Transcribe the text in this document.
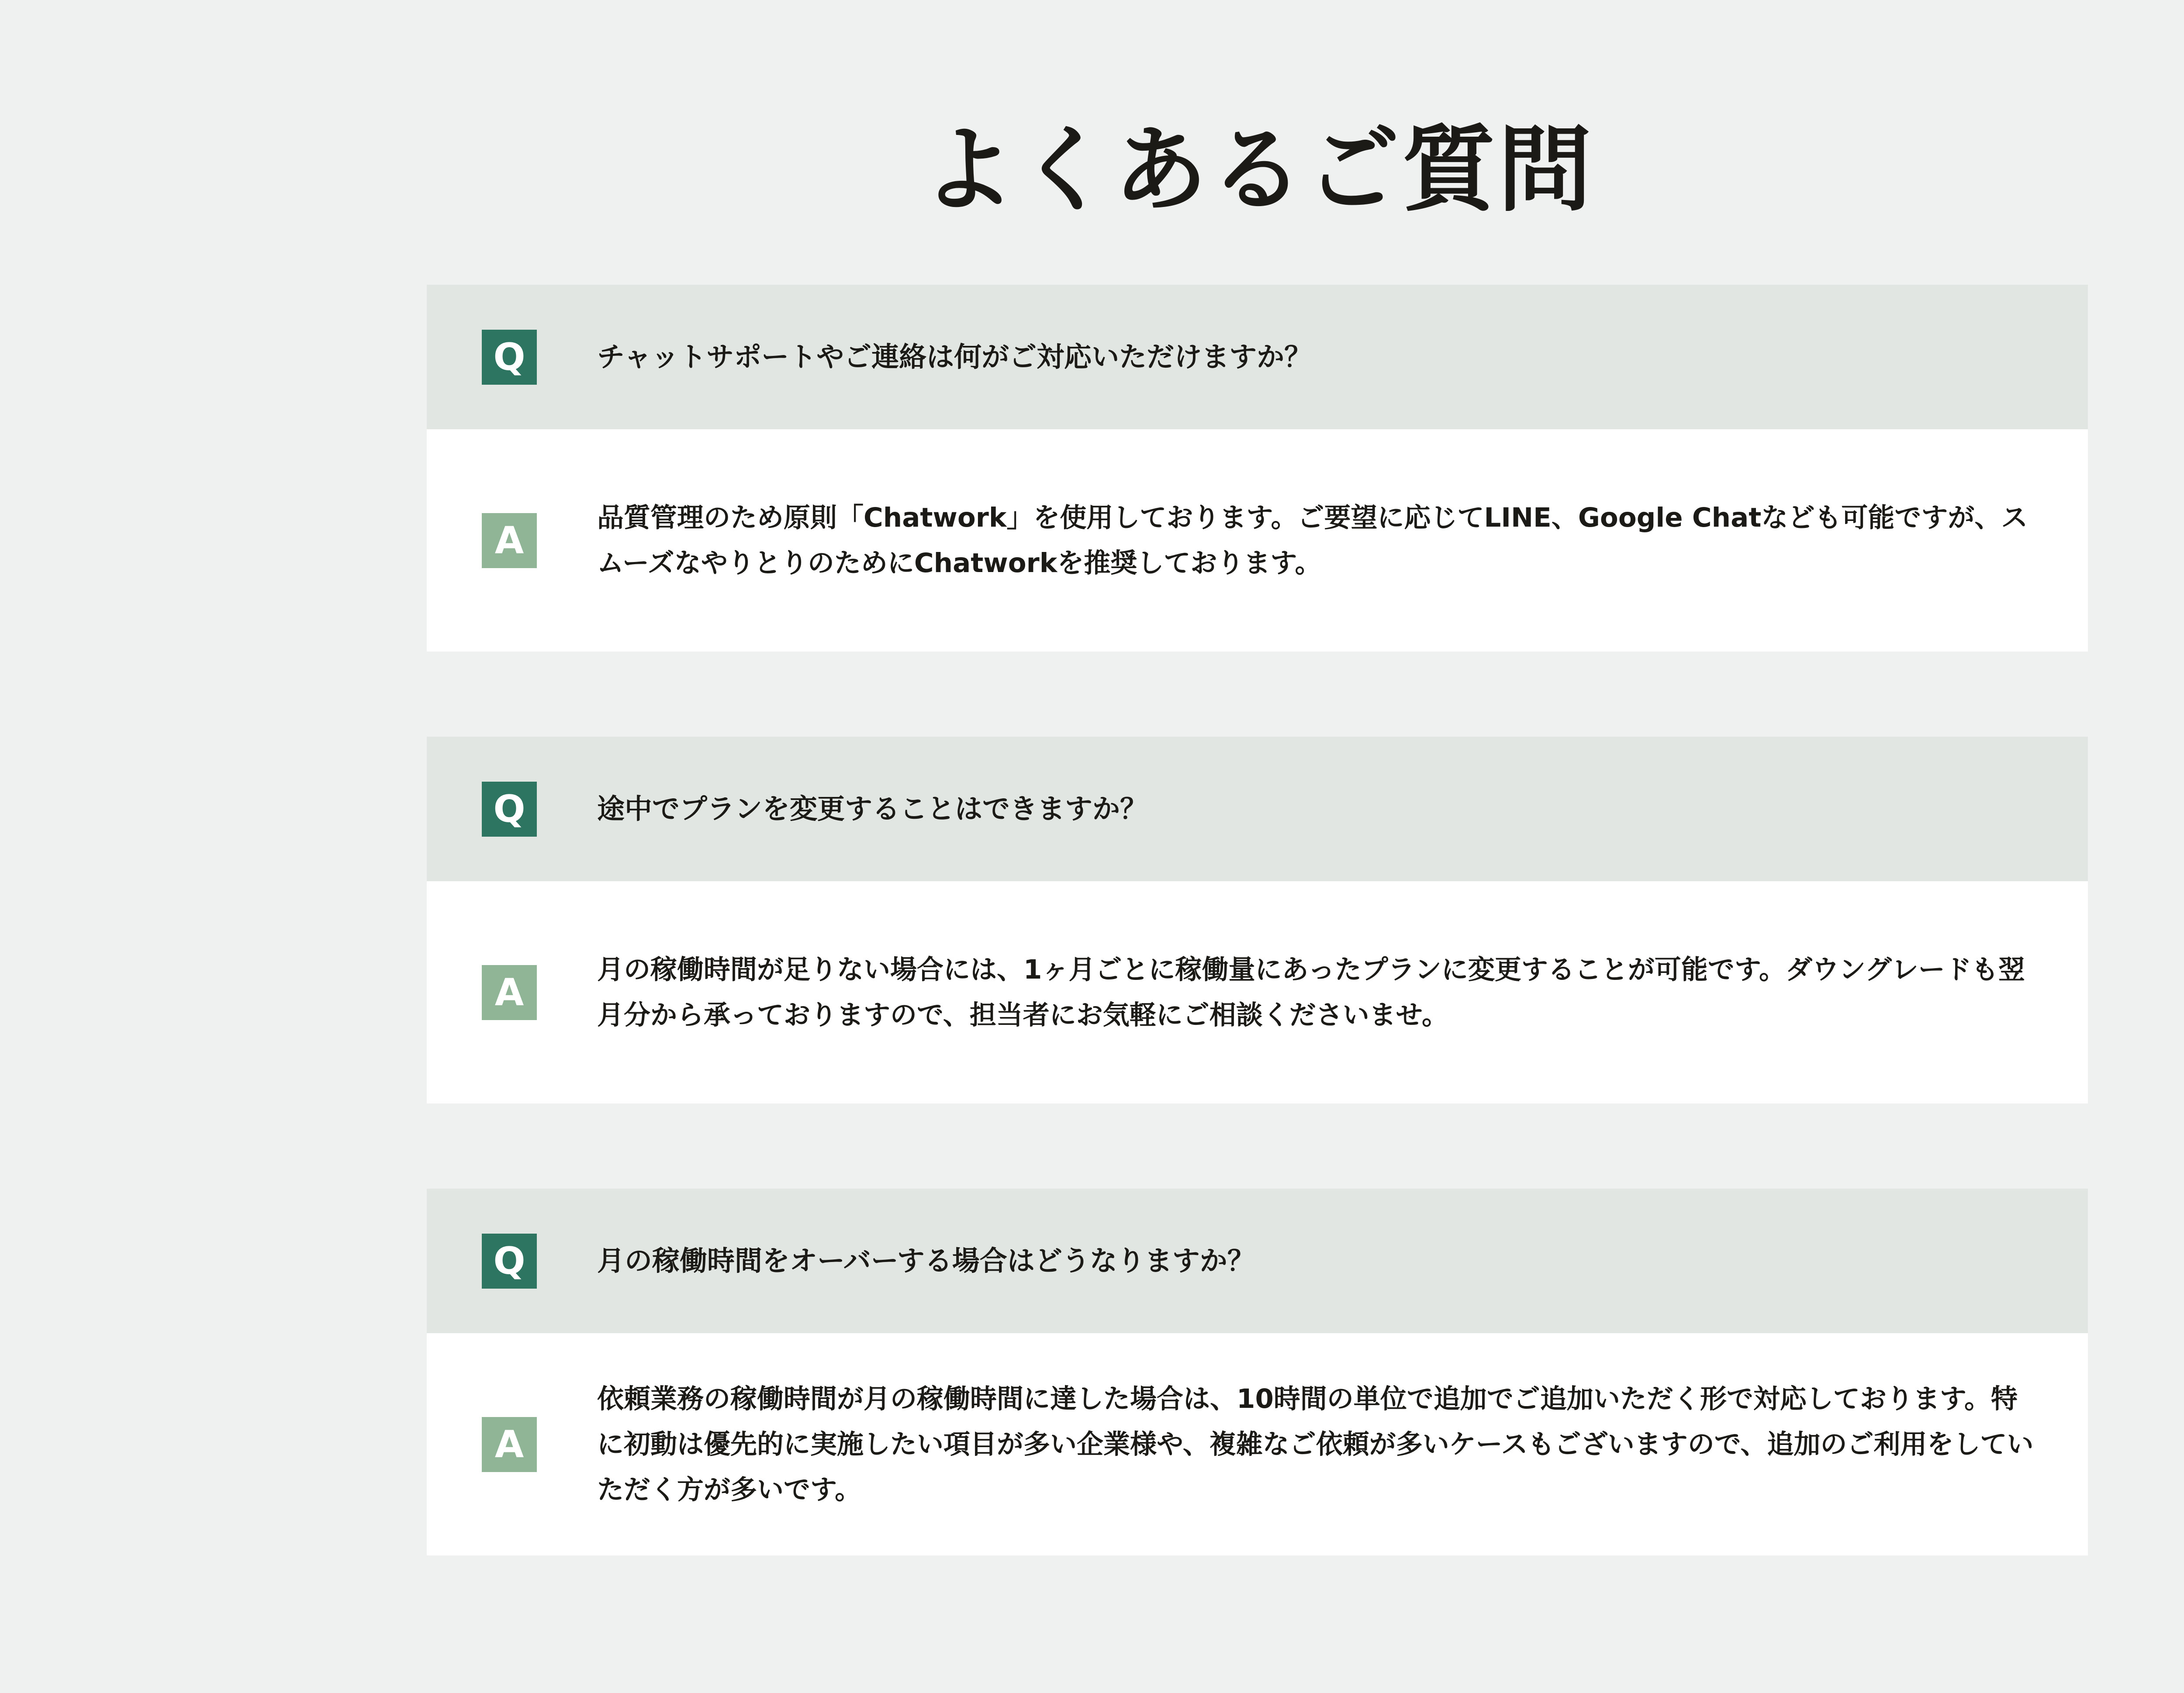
よくあるご質問
Q	チャットサポートやご連絡は何がご対応いただけますか？
A
品質管理のため原則「Chatwork」を使用しております。ご要望に応じてLINE、Google Chatなども可能ですが、スムーズなやりとりのためにChatworkを推奨しております。
Q	途中でプランを変更することはできますか？
A
月の稼働時間が足りない場合には、1ヶ月ごとに稼働量にあったプランに変更することが可能です。ダウングレードも翌月分から承っておりますので、担当者にお気軽にご相談くださいませ。
Q	月の稼働時間をオーバーする場合はどうなりますか？
A
依頼業務の稼働時間が月の稼働時間に達した場合は、10時間の単位で追加でご追加いただく形で対応しております。特に初動は優先的に実施したい項目が多い企業様や、複雑なご依頼が多いケースもございますので、追加のご利用をしていただく方が多いです。
